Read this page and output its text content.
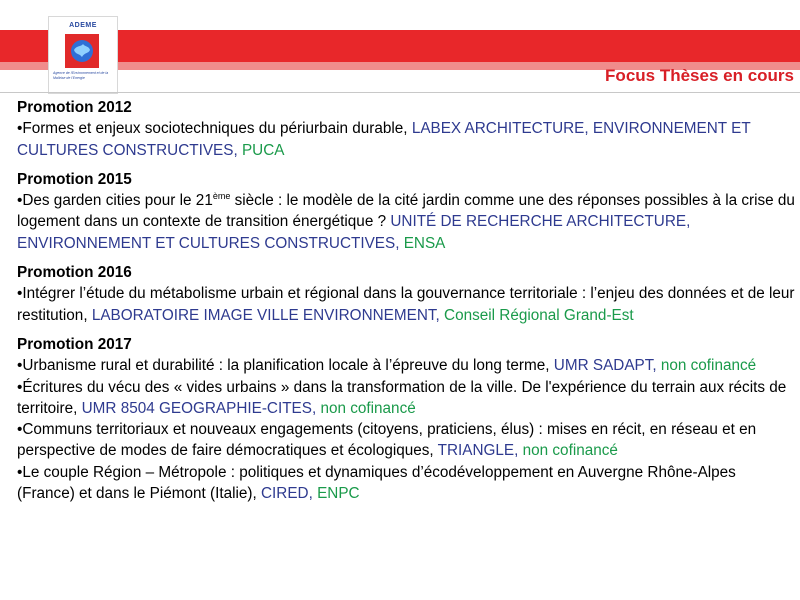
ADEME
Agence de l'Environnement et de la Maîtrise de l'Energie	Focus Thèses en cours
Promotion 2012
•Formes et enjeux sociotechniques du périurbain durable, LABEX ARCHITECTURE, ENVIRONNEMENT ET CULTURES CONSTRUCTIVES, PUCA
Promotion 2015
•Des garden cities pour le 21ème siècle : le modèle de la cité jardin comme une des réponses possibles à la crise du logement dans un contexte de transition énergétique ? UNITÉ DE RECHERCHE ARCHITECTURE, ENVIRONNEMENT ET CULTURES CONSTRUCTIVES, ENSA
Promotion 2016
•Intégrer l’étude du métabolisme urbain et régional dans la gouvernance territoriale : l’enjeu des données et de leur restitution, LABORATOIRE IMAGE VILLE ENVIRONNEMENT, Conseil Régional Grand-Est
Promotion 2017
•Urbanisme rural et durabilité : la planification locale à l’épreuve du long terme, UMR SADAPT, non cofinancé
•Écritures du vécu des « vides urbains » dans la transformation de la ville. De l'expérience du terrain aux récits de territoire, UMR 8504 GEOGRAPHIE-CITES, non cofinancé
•Communs territoriaux et nouveaux engagements (citoyens, praticiens, élus) : mises en récit, en réseau et en perspective de modes de faire démocratiques et écologiques, TRIANGLE, non cofinancé
•Le couple Région – Métropole : politiques et dynamiques d’écodéveloppement en Auvergne Rhône-Alpes (France) et dans le Piémont (Italie), CIRED, ENPC
